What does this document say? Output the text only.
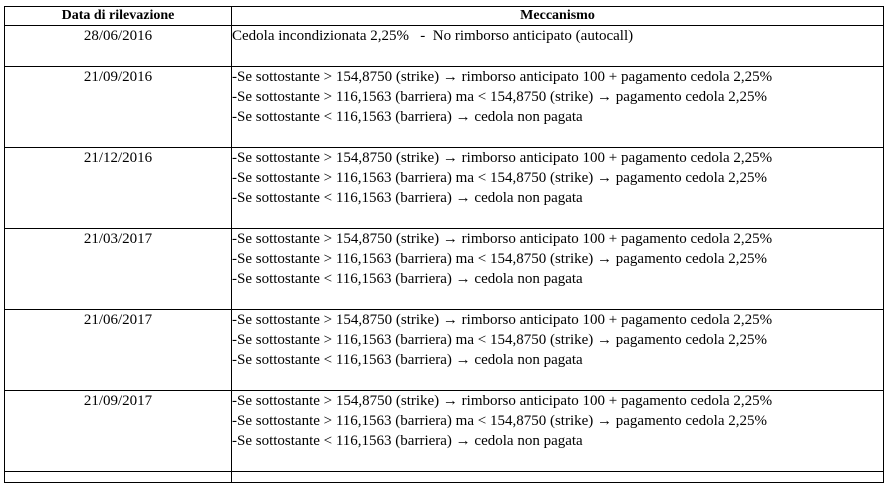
Data di rilevazione	Meccanismo
28/06/2016	Cedola incondizionata 2,25%   -  No rimborso anticipato (autocall)

21/09/2016	-Se sottostante > 154,8750 (strike) → rimborso anticipato 100 + pagamento cedola 2,25%
-Se sottostante > 116,1563 (barriera) ma < 154,8750 (strike) → pagamento cedola 2,25%
-Se sottostante < 116,1563 (barriera) → cedola non pagata

21/12/2016	-Se sottostante > 154,8750 (strike) → rimborso anticipato 100 + pagamento cedola 2,25%
-Se sottostante > 116,1563 (barriera) ma < 154,8750 (strike) → pagamento cedola 2,25%
-Se sottostante < 116,1563 (barriera) → cedola non pagata

21/03/2017	-Se sottostante > 154,8750 (strike) → rimborso anticipato 100 + pagamento cedola 2,25%
-Se sottostante > 116,1563 (barriera) ma < 154,8750 (strike) → pagamento cedola 2,25%
-Se sottostante < 116,1563 (barriera) → cedola non pagata

21/06/2017	-Se sottostante > 154,8750 (strike) → rimborso anticipato 100 + pagamento cedola 2,25%
-Se sottostante > 116,1563 (barriera) ma < 154,8750 (strike) → pagamento cedola 2,25%
-Se sottostante < 116,1563 (barriera) → cedola non pagata

21/09/2017	-Se sottostante > 154,8750 (strike) → rimborso anticipato 100 + pagamento cedola 2,25%
-Se sottostante > 116,1563 (barriera) ma < 154,8750 (strike) → pagamento cedola 2,25%
-Se sottostante < 116,1563 (barriera) → cedola non pagata
